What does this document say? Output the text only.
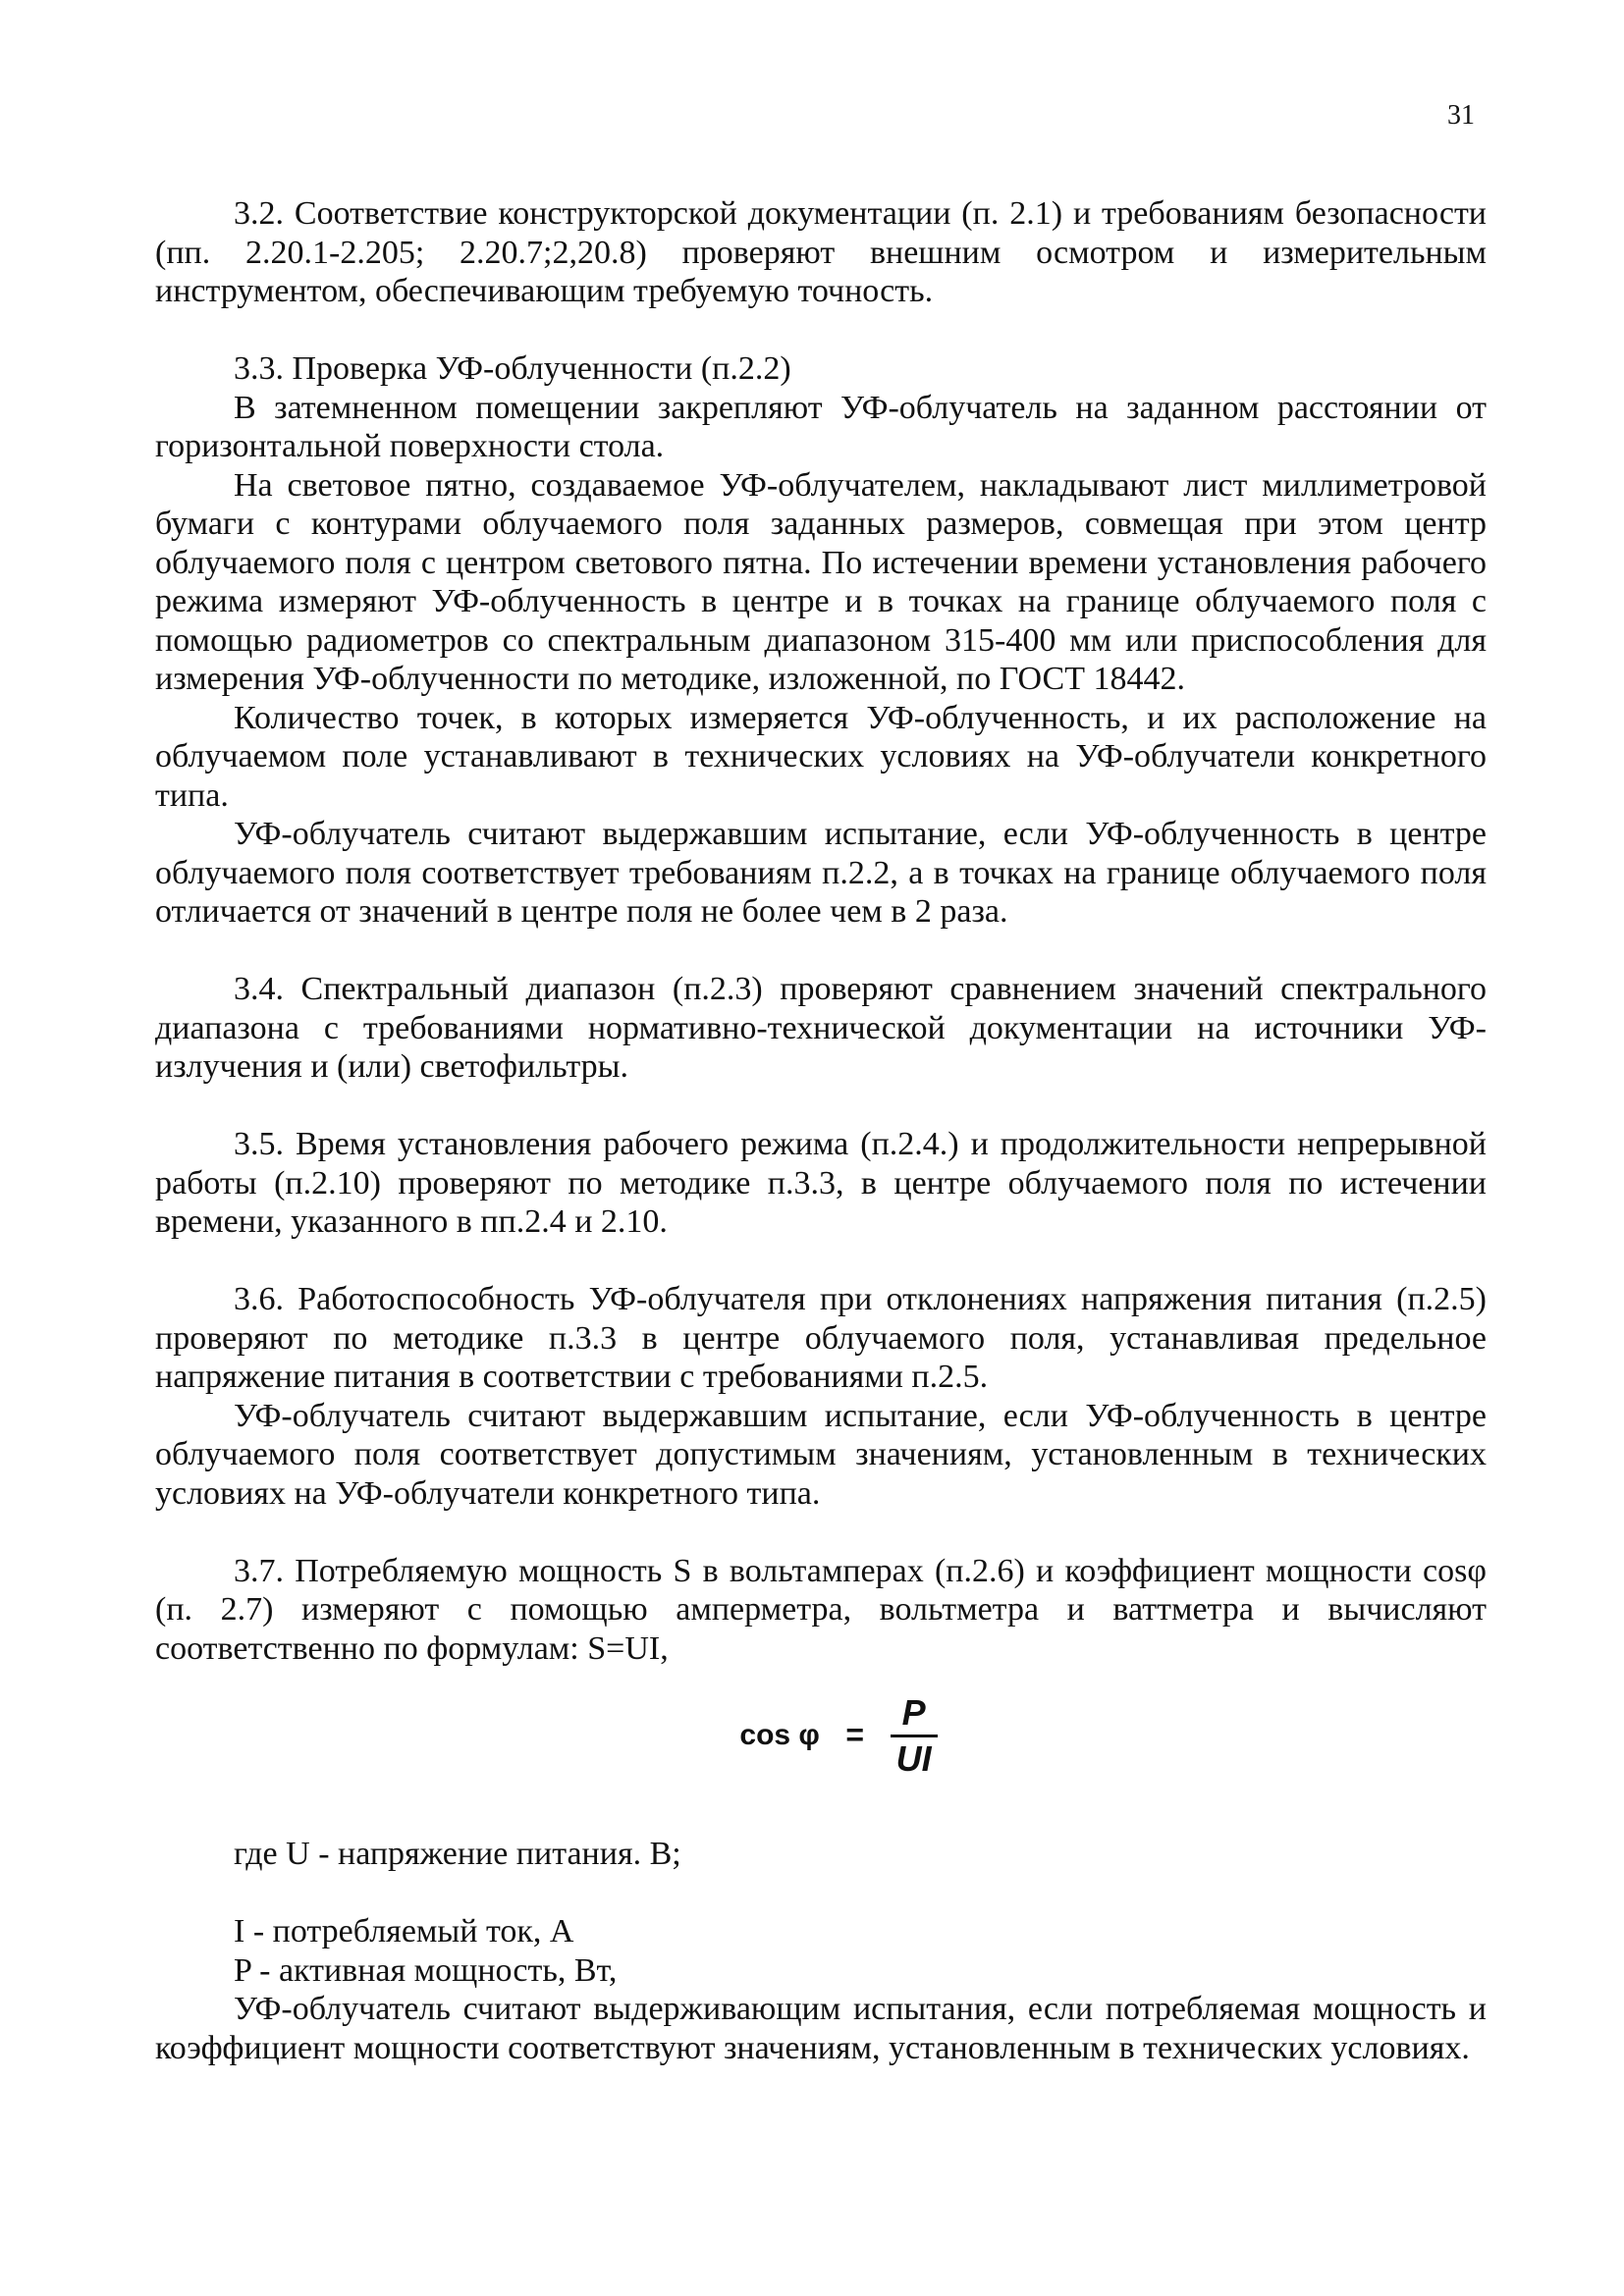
31

3.2. Соответствие конструкторской документации (п. 2.1) и требованиям безопасности (пп. 2.20.1-2.205; 2.20.7;2,20.8) проверяют внешним осмотром и измерительным инструментом, обеспечивающим требуемую точность.

3.3. Проверка УФ-облученности (п.2.2)

В затемненном помещении закрепляют УФ-облучатель на заданном расстоянии от горизонтальной поверхности стола.

На световое пятно, создаваемое УФ-облучателем, накладывают лист миллиметровой бумаги с контурами облучаемого поля заданных размеров, совмещая при этом центр облучаемого поля с центром светового пятна. По истечении времени установления рабочего режима измеряют УФ-облученность в центре и в точках на границе облучаемого поля с помощью радиометров со спектральным диапазоном 315-400 мм или приспособления для измерения УФ-облученности по методике, изложенной, по ГОСТ 18442.

Количество точек, в которых измеряется УФ-облученность, и их расположение на облучаемом поле устанавливают в технических условиях на УФ-облучатели конкретного типа.

УФ-облучатель считают выдержавшим испытание, если УФ-облученность в центре облучаемого поля соответствует требованиям п.2.2, а в точках на границе облучаемого поля отличается от значений в центре поля не более чем в 2 раза.

3.4. Спектральный диапазон (п.2.3) проверяют сравнением значений спектрального диапазона с требованиями нормативно-технической документации на источники УФ-излучения и (или) светофильтры.

3.5. Время установления рабочего режима (п.2.4.) и продолжительности непрерывной работы (п.2.10) проверяют по методике п.3.3, в центре облучаемого поля по истечении времени, указанного в пп.2.4 и 2.10.

3.6. Работоспособность УФ-облучателя при отклонениях напряжения питания (п.2.5) проверяют по методике п.3.3 в центре облучаемого поля, устанавливая предельное напряжение питания в соответствии с требованиями п.2.5.

УФ-облучатель считают выдержавшим испытание, если УФ-облученность в центре облучаемого поля соответствует допустимым значениям, установленным в технических условиях на УФ-облучатели конкретного типа.

3.7. Потребляемую мощность S в вольтамперах (п.2.6) и коэффициент мощности cosφ (п. 2.7) измеряют с помощью амперметра, вольтметра и ваттметра и вычисляют соответственно по формулам: S=UI,

$\cos \varphi = \frac{P}{UI}$

где U - напряжение питания. В;

I - потребляемый ток, А

P - активная мощность, Вт,

УФ-облучатель считают выдерживающим испытания, если потребляемая мощность и коэффициент мощности соответствуют значениям, установленным в технических условиях.
